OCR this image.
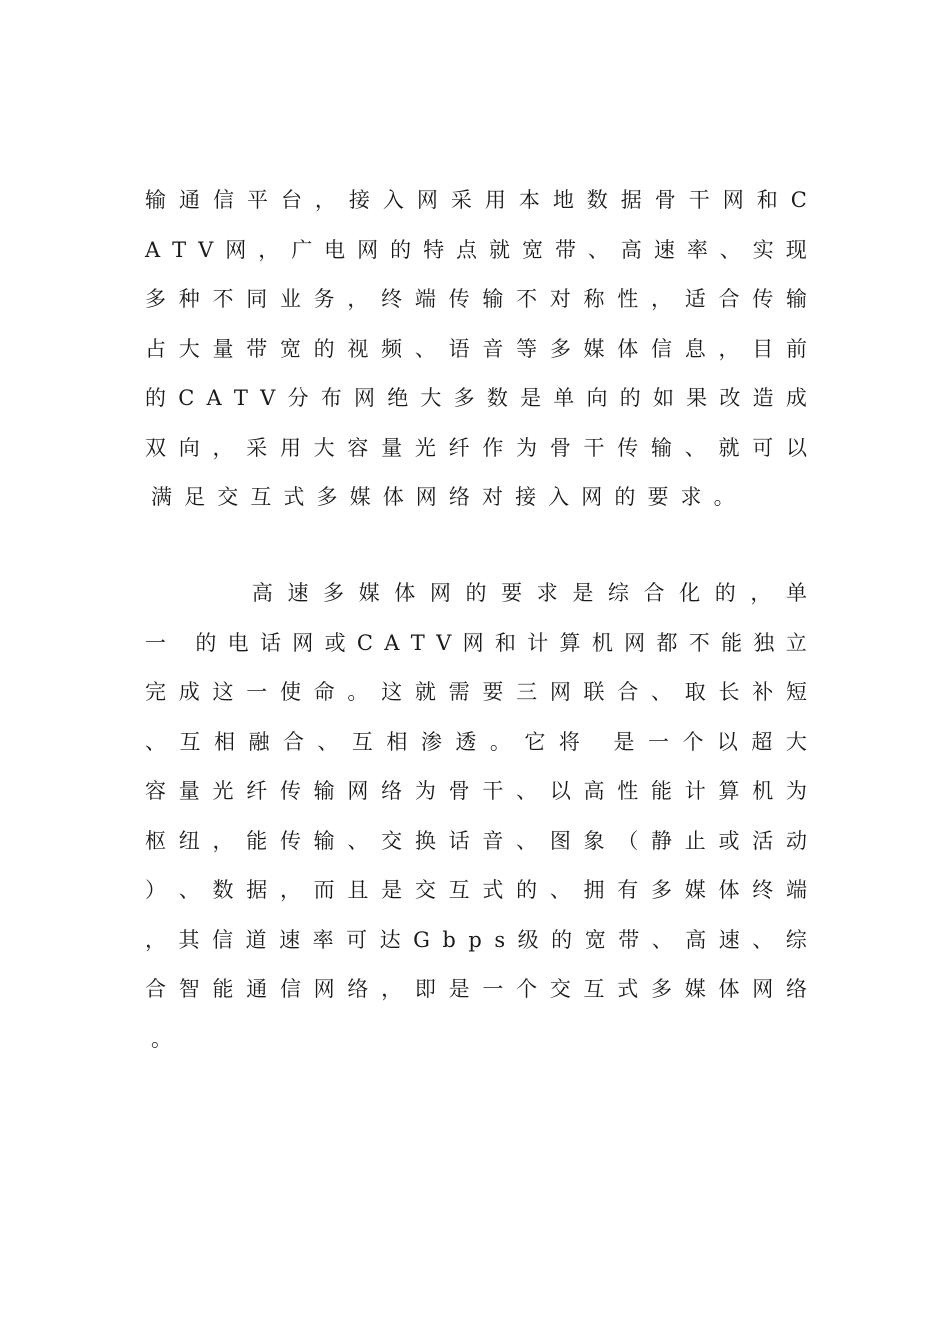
输 通 信 平 台 ， 接 入 网 采 用 本 地 数 据 骨 干 网 和 C
A T V 网 ， 广 电 网 的 特 点 就 宽 带 、 高 速 率 、 实 现
多 种 不 同 业 务 ， 终 端 传 输 不 对 称 性 ， 适 合 传 输
占 大 量 带 宽 的 视 频 、 语 音 等 多 媒 体 信 息 ， 目 前
的 C A T V 分 布 网 绝 大 多 数 是 单 向 的 如 果 改 造 成
双 向 ， 采 用 大 容 量 光 纤 作 为 骨 干 传 输 、 就 可 以
满 足 交 互 式 多 媒 体 网 络 对 接 入 网 的 要 求 。

高 速 多 媒 体 网 的 要 求 是 综 合 化 的 ， 单
一
的 电 话 网 或 C A T V 网 和 计 算 机 网 都 不 能 独 立
完 成 这 一 使 命 。 这 就 需 要 三 网 联 合 、 取 长 补 短
、 互 相 融 合 、 互 相 渗 透 。 它 将
是 一 个 以 超 大
容 量 光 纤 传 输 网 络 为 骨 干 、 以 高 性 能 计 算 机 为
枢 纽 ， 能 传 输 、 交 换 话 音 、 图 象 （ 静 止 或 活 动
） 、 数 据 ， 而 且 是 交 互 式 的 、 拥 有 多 媒 体 终 端
， 其 信 道 速 率 可 达 G b p s 级 的 宽 带 、 高 速 、 综
合 智 能 通 信 网 络 ， 即 是 一 个 交 互 式 多 媒 体 网 络
。
